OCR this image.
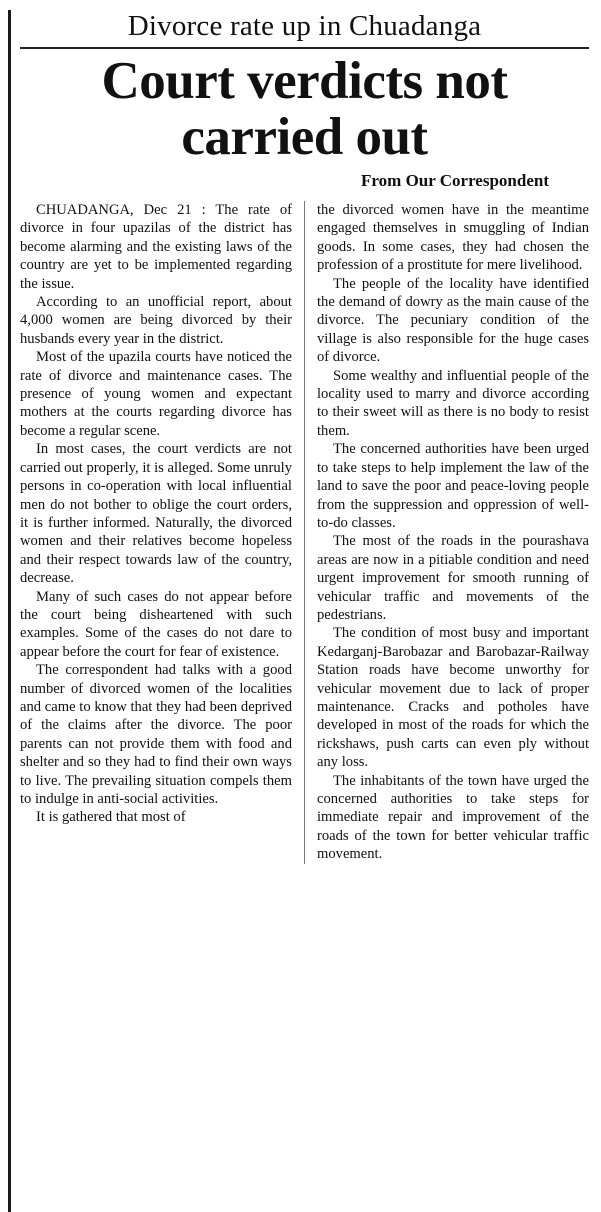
Divorce rate up in Chuadanga
Court verdicts not carried out
From Our Correspondent

CHUADANGA, Dec 21 : The rate of divorce in four upazilas of the district has become alarming and the existing laws of the country are yet to be implemented regarding the issue.

According to an unofficial report, about 4,000 women are being divorced by their husbands every year in the district.

Most of the upazila courts have noticed the rate of divorce and maintenance cases. The presence of young women and expectant mothers at the courts regarding divorce has become a regular scene.

In most cases, the court verdicts are not carried out properly, it is alleged. Some unruly persons in co-operation with local influential men do not bother to oblige the court orders, it is further informed. Naturally, the divorced women and their relatives become hopeless and their respect towards law of the country, decrease.

Many of such cases do not appear before the court being disheartened with such examples. Some of the cases do not dare to appear before the court for fear of existence.

The correspondent had talks with a good number of divorced women of the localities and came to know that they had been deprived of the claims after the divorce. The poor parents can not provide them with food and shelter and so they had to find their own ways to live. The prevailing situation compels them to indulge in anti-social activities.

It is gathered that most of

the divorced women have in the meantime engaged themselves in smuggling of Indian goods. In some cases, they had chosen the profession of a prostitute for mere livelihood.

The people of the locality have identified the demand of dowry as the main cause of the divorce. The pecuniary condition of the village is also responsible for the huge cases of divorce.

Some wealthy and influential people of the locality used to marry and divorce according to their sweet will as there is no body to resist them.

The concerned authorities have been urged to take steps to help implement the law of the land to save the poor and peace-loving people from the suppression and oppression of well-to-do classes.

The most of the roads in the pourashava areas are now in a pitiable condition and need urgent improvement for smooth running of vehicular traffic and movements of the pedestrians.

The condition of most busy and important Kedarganj-Barobazar and Barobazar-Railway Station roads have become unworthy for vehicular movement due to lack of proper maintenance. Cracks and potholes have developed in most of the roads for which the rickshaws, push carts can even ply without any loss.

The inhabitants of the town have urged the concerned authorities to take steps for immediate repair and improvement of the roads of the town for better vehicular traffic movement.
